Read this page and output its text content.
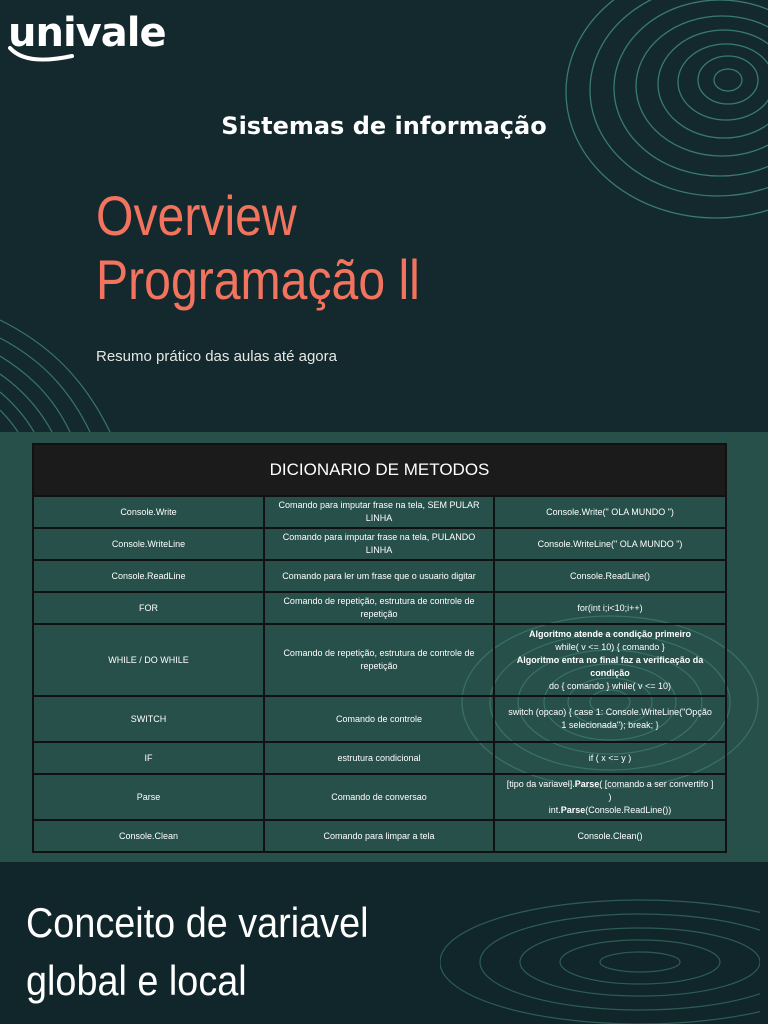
univale
Sistemas de informação
Overview
Programação ll
Resumo prático das aulas até agora
DICIONARIO DE METODOS		
Console.Write	Comando para imputar frase na tela, SEM PULAR LINHA	Console.Write(" OLA MUNDO ")
Console.WriteLine	Comando para imputar frase na tela, PULANDO LINHA	Console.WriteLine(" OLA MUNDO ")
Console.ReadLine	Comando para ler um frase que o usuario digitar	Console.ReadLine()
FOR	Comando de repetição, estrutura de controle de repetição	for(int i;i<10;i++)
WHILE / DO WHILE	Comando de repetição, estrutura de controle de repetição	Algoritmo atende a condição primeiro
while( v <= 10) { comando }
Algoritmo entra no final faz a verificação da condição
do { comando } while( v <= 10)

SWITCH	Comando de controle	switch (opcao) { case 1: Console.WriteLine("Opção 1 selecionada"); break; }
IF	estrutura condicional	if ( x <= y )
Parse	Comando de conversao	[tipo da variavel].Parse( [comando a ser convertifo ] )
int.Parse(Console.ReadLine())

Console.Clean	Comando para limpar a tela	Console.Clean()
Conceito de variavel
global e local
